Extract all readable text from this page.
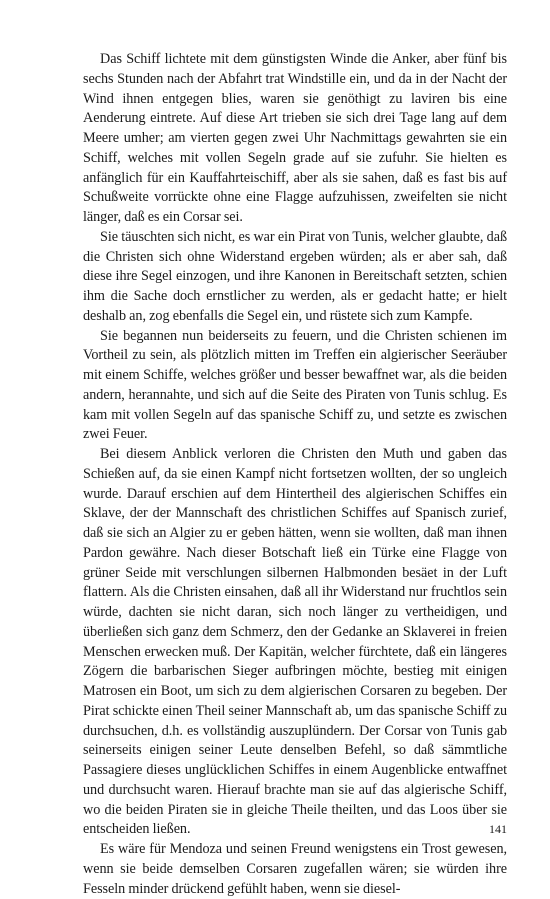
Das Schiff lichtete mit dem günstigsten Winde die Anker, aber fünf bis sechs Stunden nach der Abfahrt trat Windstille ein, und da in der Nacht der Wind ihnen entgegen blies, waren sie genöthigt zu laviren bis eine Aenderung eintrete. Auf diese Art trieben sie sich drei Tage lang auf dem Meere umher; am vierten gegen zwei Uhr Nachmittags gewahrten sie ein Schiff, welches mit vollen Segeln grade auf sie zufuhr. Sie hielten es anfänglich für ein Kauffahrteischiff, aber als sie sahen, daß es fast bis auf Schußweite vorrückte ohne eine Flagge aufzuhissen, zweifelten sie nicht länger, daß es ein Corsar sei.

Sie täuschten sich nicht, es war ein Pirat von Tunis, welcher glaubte, daß die Christen sich ohne Widerstand ergeben würden; als er aber sah, daß diese ihre Segel einzogen, und ihre Kanonen in Bereitschaft setzten, schien ihm die Sache doch ernstlicher zu werden, als er gedacht hatte; er hielt deshalb an, zog ebenfalls die Segel ein, und rüstete sich zum Kampfe.

Sie begannen nun beiderseits zu feuern, und die Christen schienen im Vortheil zu sein, als plötzlich mitten im Treffen ein algierischer Seeräuber mit einem Schiffe, welches größer und besser bewaffnet war, als die beiden andern, herannahte, und sich auf die Seite des Piraten von Tunis schlug. Es kam mit vollen Segeln auf das spanische Schiff zu, und setzte es zwischen zwei Feuer.

Bei diesem Anblick verloren die Christen den Muth und gaben das Schießen auf, da sie einen Kampf nicht fortsetzen wollten, der so ungleich wurde. Darauf erschien auf dem Hintertheil des algierischen Schiffes ein Sklave, der der Mannschaft des christlichen Schiffes auf Spanisch zurief, daß sie sich an Algier zu er geben hätten, wenn sie wollten, daß man ihnen Pardon gewähre. Nach dieser Botschaft ließ ein Türke eine Flagge von grüner Seide mit verschlungen silbernen Halbmonden besäet in der Luft flattern. Als die Christen einsahen, daß all ihr Widerstand nur fruchtlos sein würde, dachten sie nicht daran, sich noch länger zu vertheidigen, und überließen sich ganz dem Schmerz, den der Gedanke an Sklaverei in freien Menschen erwecken muß. Der Kapitän, welcher fürchtete, daß ein längeres Zögern die barbarischen Sieger aufbringen möchte, bestieg mit einigen Matrosen ein Boot, um sich zu dem algierischen Corsaren zu begeben. Der Pirat schickte einen Theil seiner Mannschaft ab, um das spanische Schiff zu durchsuchen, d.h. es vollständig auszuplündern. Der Corsar von Tunis gab seinerseits einigen seiner Leute denselben Befehl, so daß sämmtliche Passagiere dieses unglücklichen Schiffes in einem Augenblicke entwaffnet und durchsucht waren. Hierauf brachte man sie auf das algierische Schiff, wo die beiden Piraten sie in gleiche Theile theilten, und das Loos über sie entscheiden ließen.

Es wäre für Mendoza und seinen Freund wenigstens ein Trost gewesen, wenn sie beide demselben Corsaren zugefallen wären; sie würden ihre Fesseln minder drückend gefühlt haben, wenn sie diesel-

141
